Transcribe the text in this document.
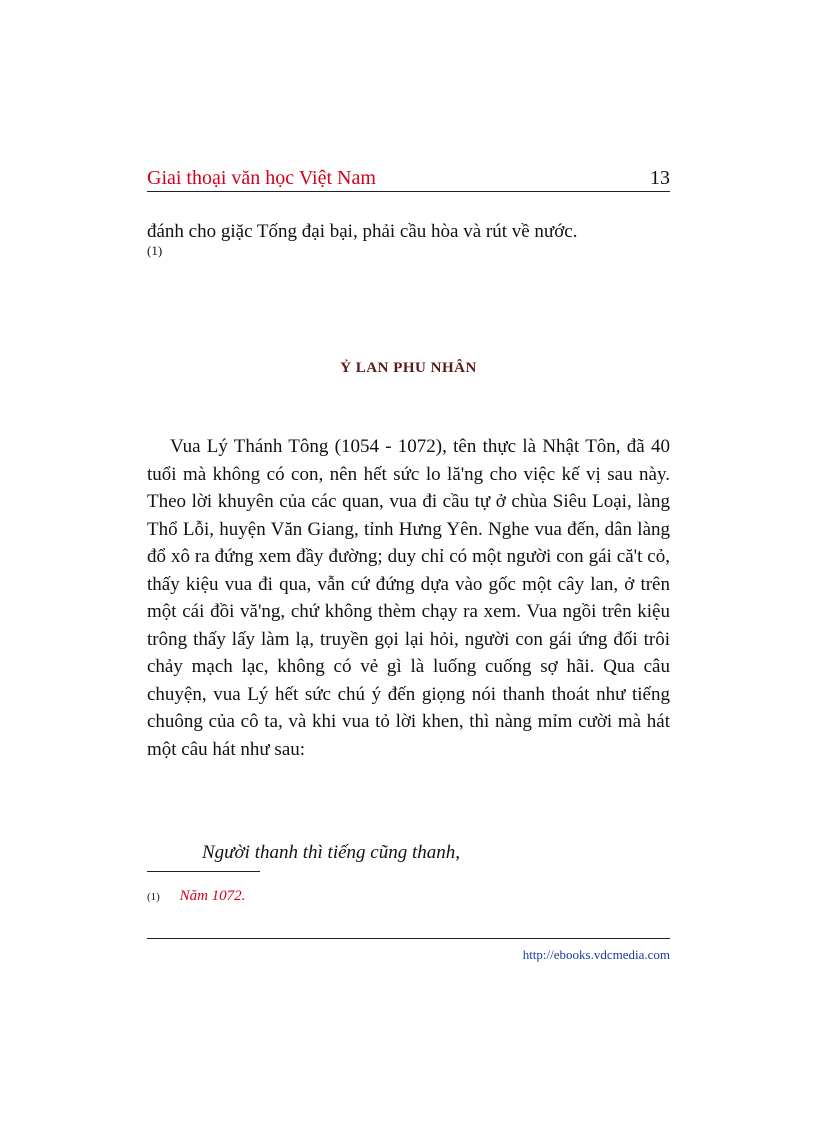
Giai thoại văn học Việt Nam	13
đánh cho giặc Tống đại bại, phải cầu hòa và rút về nước.
(1)
Ỷ LAN PHU NHÂN

Vua Lý Thánh Tông (1054 - 1072), tên thực là Nhật Tôn, đã 40 tuổi mà không có con, nên hết sức lo lă'ng cho việc kế vị sau này. Theo lời khuyên của các quan, vua đi cầu tự ở chùa Siêu Loại, làng Thổ Lỗi, huyện Văn Giang, tỉnh Hưng Yên. Nghe vua đến, dân làng đổ xô ra đứng xem đầy đường; duy chỉ có một người con gái că't cỏ, thấy kiệu vua đi qua, vẫn cứ đứng dựa vào gốc một cây lan, ở trên một cái đồi vă'ng, chứ không thèm chạy ra xem. Vua ngồi trên kiệu trông thấy lấy làm lạ, truyền gọi lại hỏi, người con gái ứng đối trôi chảy mạch lạc, không có vẻ gì là luống cuống sợ hãi. Qua câu chuyện, vua Lý hết sức chú ý đến giọng nói thanh thoát như tiếng chuông của cô ta, và khi vua tỏ lời khen, thì nàng mỉm cười mà hát một câu hát như sau:

Người thanh thì tiếng cũng thanh,
(1) Năm 1072.
http://ebooks.vdcmedia.com
